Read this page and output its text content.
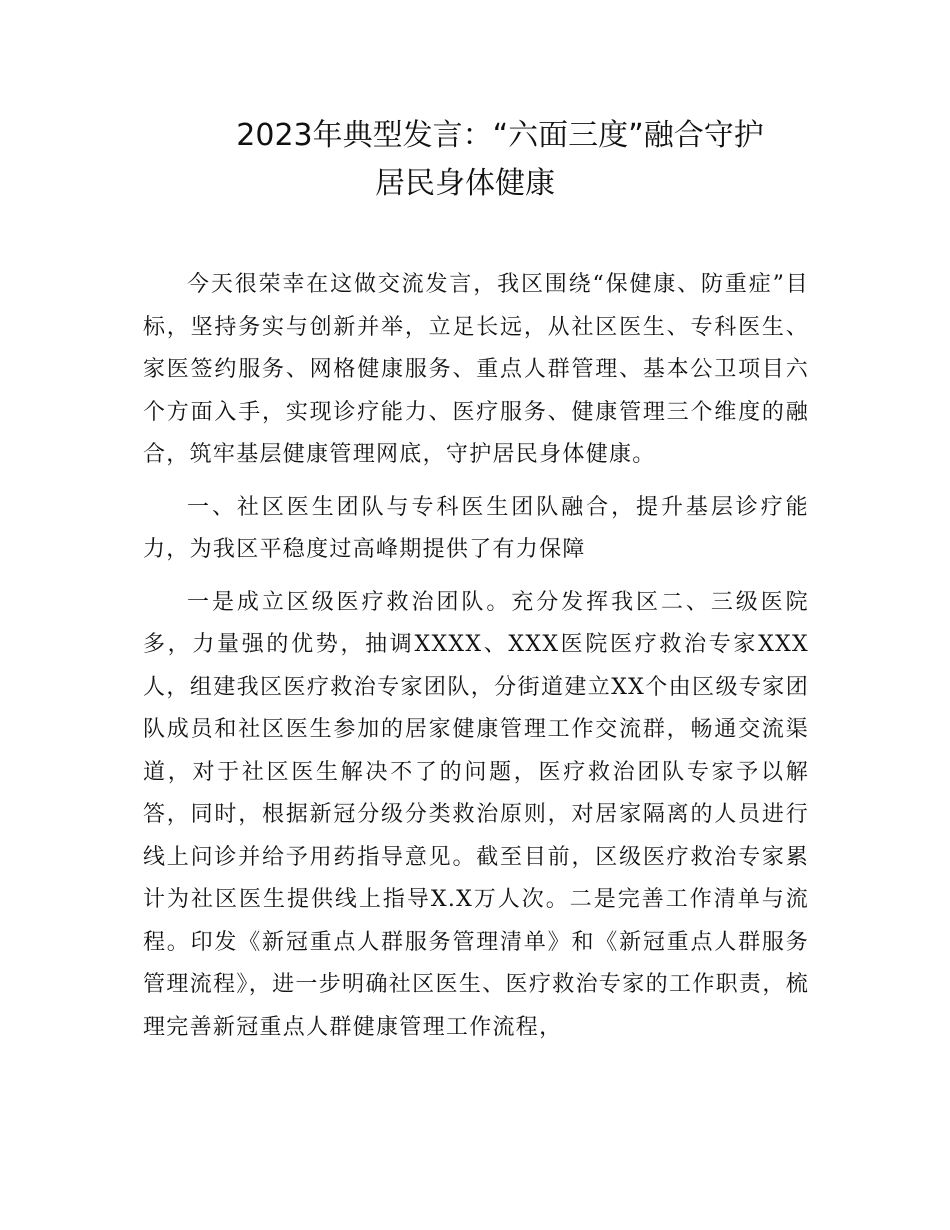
2023年典型发言：“六面三度”融合守护
居民身体健康

今天很荣幸在这做交流发言，我区围绕“保健康、防重症”目标，坚持务实与创新并举，立足长远，从社区医生、专科医生、家医签约服务、网格健康服务、重点人群管理、基本公卫项目六个方面入手，实现诊疗能力、医疗服务、健康管理三个维度的融合，筑牢基层健康管理网底，守护居民身体健康。

一、社区医生团队与专科医生团队融合，提升基层诊疗能力，为我区平稳度过高峰期提供了有力保障

一是成立区级医疗救治团队。充分发挥我区二、三级医院多，力量强的优势，抽调XXXX、XXX医院医疗救治专家XXX人，组建我区医疗救治专家团队，分街道建立XX个由区级专家团队成员和社区医生参加的居家健康管理工作交流群，畅通交流渠道，对于社区医生解决不了的问题，医疗救治团队专家予以解答，同时，根据新冠分级分类救治原则，对居家隔离的人员进行线上问诊并给予用药指导意见。截至目前，区级医疗救治专家累计为社区医生提供线上指导X.X万人次。二是完善工作清单与流程。印发《新冠重点人群服务管理清单》和《新冠重点人群服务管理流程》，进一步明确社区医生、医疗救治专家的工作职责，梳理完善新冠重点人群健康管理工作流程，
